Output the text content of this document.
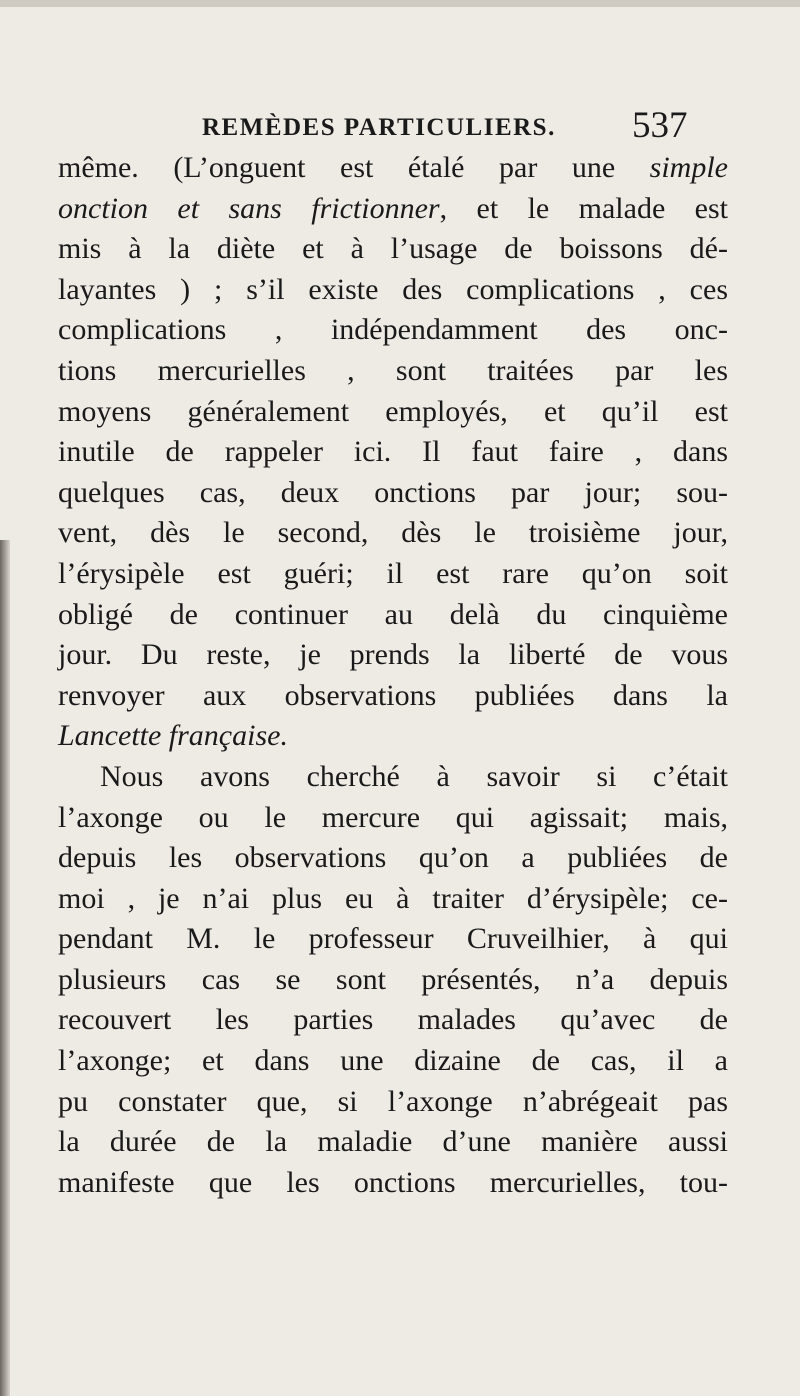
REMÈDES PARTICULIERS. 537
même. (L’onguent est étalé par une simple
onction et sans frictionner, et le malade est
mis à la diète et à l’usage de boissons dé-
layantes ) ; s’il existe des complications , ces
complications , indépendamment des onc-
tions mercurielles , sont traitées par les
moyens généralement employés, et qu’il est
inutile de rappeler ici. Il faut faire , dans
quelques cas, deux onctions par jour; sou-
vent, dès le second, dès le troisième jour,
l’érysipèle est guéri; il est rare qu’on soit
obligé de continuer au delà du cinquième
jour. Du reste, je prends la liberté de vous
renvoyer aux observations publiées dans la
Lancette française.
Nous avons cherché à savoir si c’était
l’axonge ou le mercure qui agissait; mais,
depuis les observations qu’on a publiées de
moi , je n’ai plus eu à traiter d’érysipèle; ce-
pendant M. le professeur Cruveilhier, à qui
plusieurs cas se sont présentés, n’a depuis
recouvert les parties malades qu’avec de
l’axonge; et dans une dizaine de cas, il a
pu constater que, si l’axonge n’abrégeait pas
la durée de la maladie d’une manière aussi
manifeste que les onctions mercurielles, tou-
